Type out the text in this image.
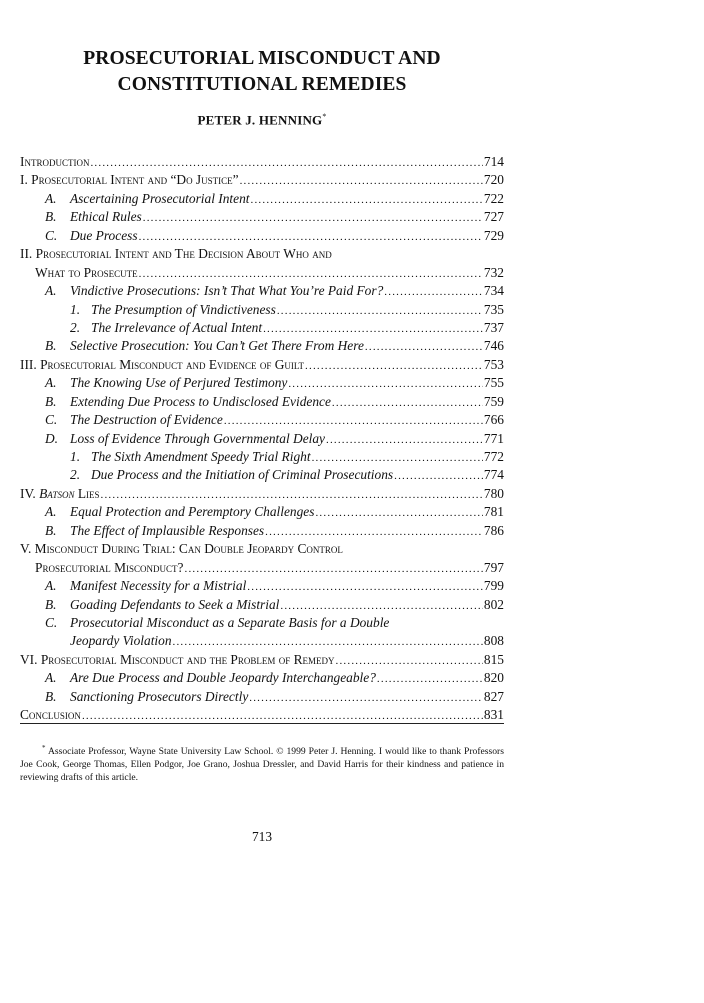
PROSECUTORIAL MISCONDUCT AND
CONSTITUTIONAL REMEDIES
PETER J. HENNING*
Introduction .....	714
I. Prosecutorial Intent and “Do Justice” .....	720
A. Ascertaining Prosecutorial Intent .....	722
B. Ethical Rules .....	727
C. Due Process .....	729
II. Prosecutorial Intent and The Decision About Who and
What to Prosecute .....	732
A. Vindictive Prosecutions: Isn’t That What You’re Paid For? .....	734
1. The Presumption of Vindictiveness .....	735
2. The Irrelevance of Actual Intent .....	737
B. Selective Prosecution: You Can’t Get There From Here .....	746
III. Prosecutorial Misconduct and Evidence of Guilt .....	753
A. The Knowing Use of Perjured Testimony .....	755
B. Extending Due Process to Undisclosed Evidence .....	759
C. The Destruction of Evidence .....	766
D. Loss of Evidence Through Governmental Delay .....	771
1. The Sixth Amendment Speedy Trial Right .....	772
2. Due Process and the Initiation of Criminal Prosecutions .....	774
IV. Batson Lies .....	780
A. Equal Protection and Peremptory Challenges .....	781
B. The Effect of Implausible Responses .....	786
V. Misconduct During Trial: Can Double Jeopardy Control
Prosecutorial Misconduct? .....	797
A. Manifest Necessity for a Mistrial .....	799
B. Goading Defendants to Seek a Mistrial .....	802
C. Prosecutorial Misconduct as a Separate Basis for a Double
Jeopardy Violation .....	808
VI. Prosecutorial Misconduct and the Problem of Remedy .....	815
A. Are Due Process and Double Jeopardy Interchangeable? .....	820
B. Sanctioning Prosecutors Directly .....	827
Conclusion .....	831
* Associate Professor, Wayne State University Law School. © 1999 Peter J. Henning. I would like to thank Professors Joe Cook, George Thomas, Ellen Podgor, Joe Grano, Joshua Dressler, and David Harris for their kindness and patience in reviewing drafts of this article.
713
